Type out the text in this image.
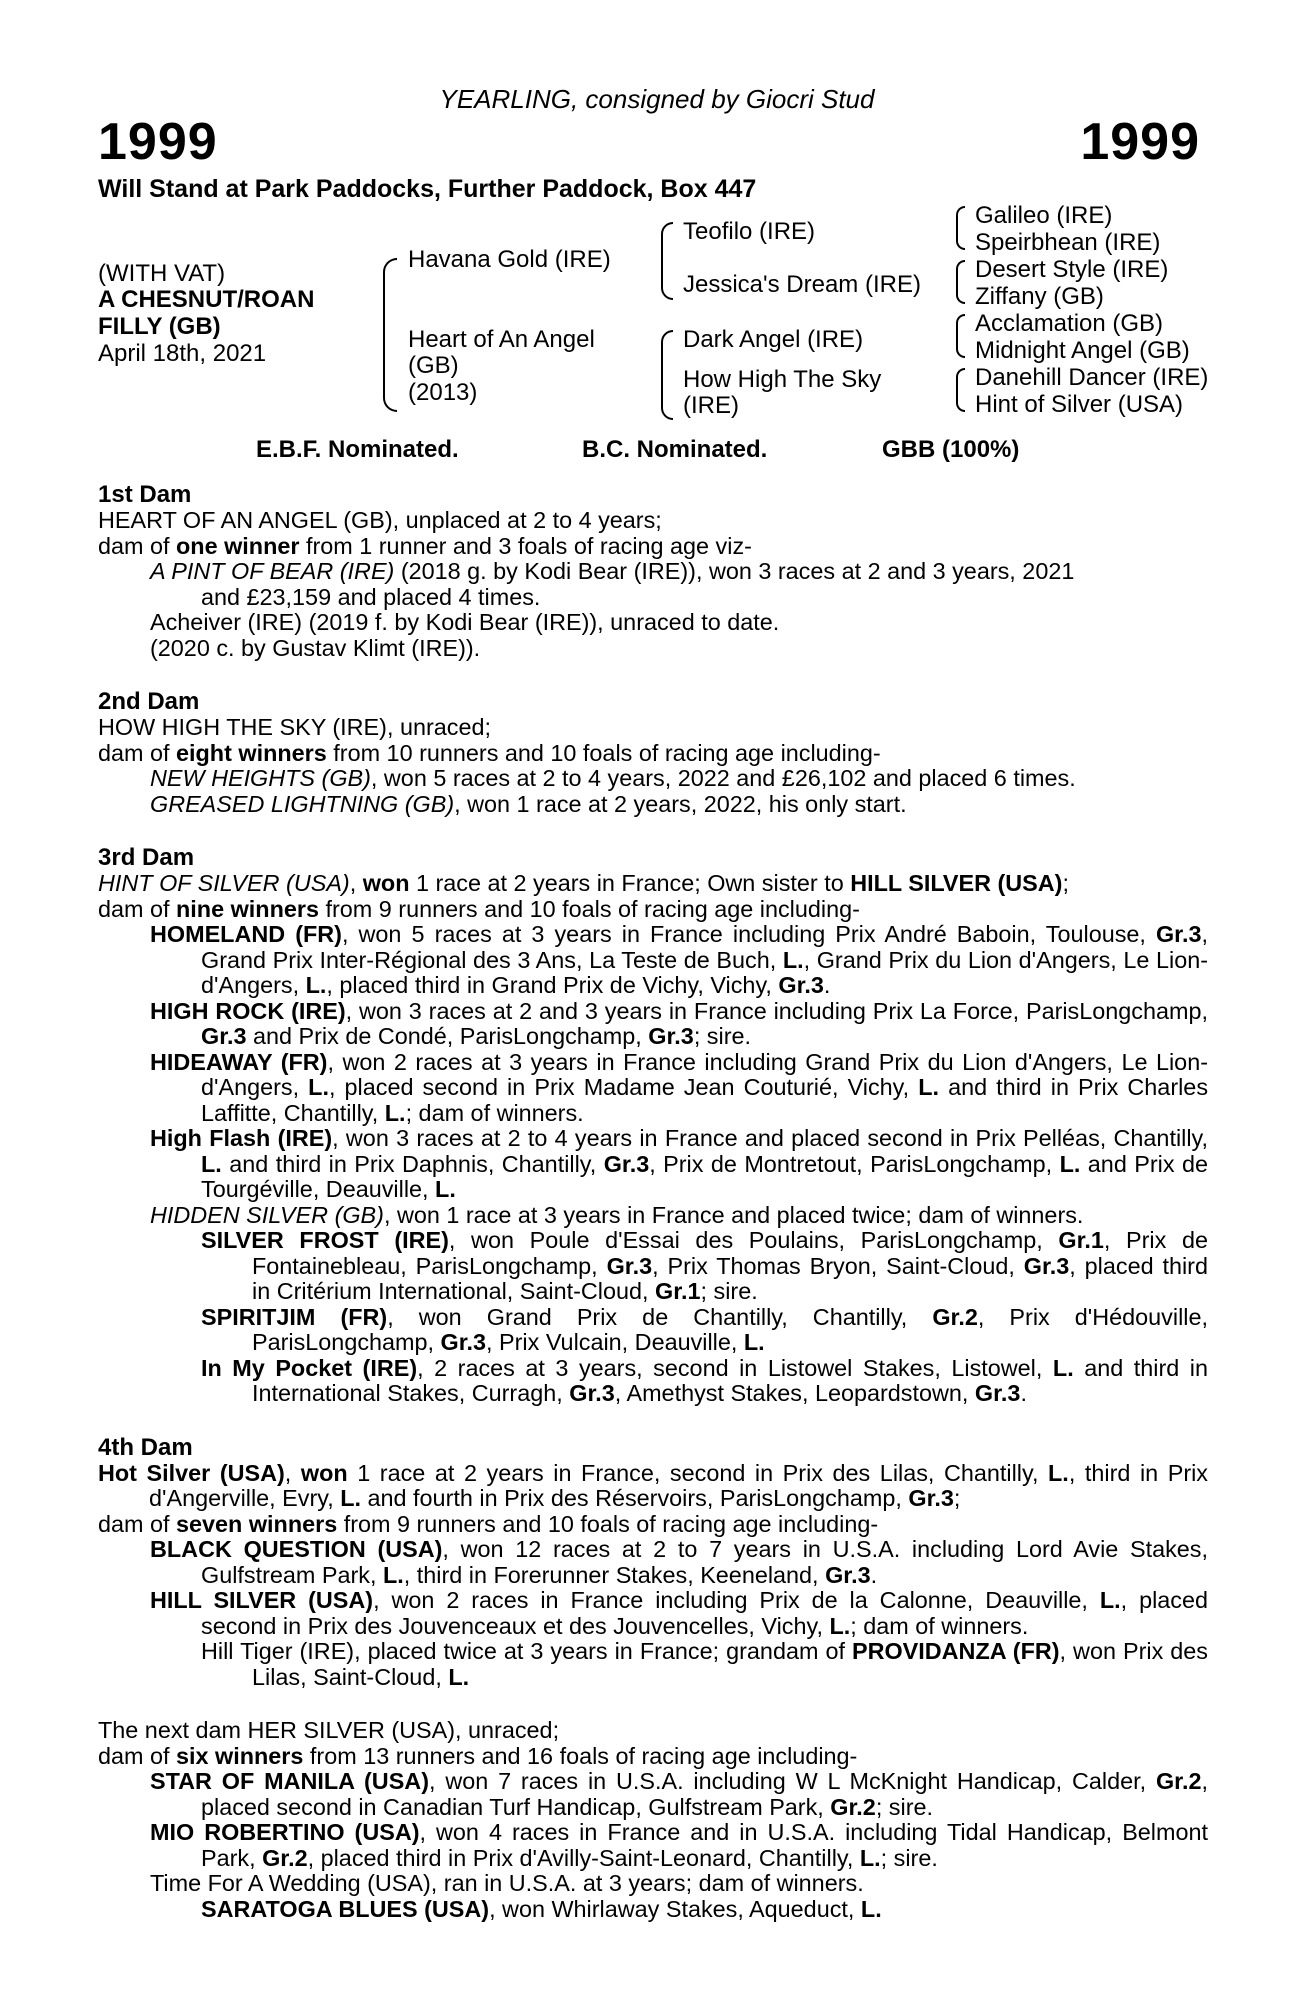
YEARLING, consigned by Giocri Stud
1999	1999
Will Stand at Park Paddocks, Further Paddock, Box 447
(WITH VAT)
A CHESNUT/ROAN
FILLY (GB)
April 18th, 2021
Havana Gold (IRE)
Heart of An Angel
(GB)
(2013)
Teofilo (IRE)
Jessica's Dream (IRE)
Dark Angel (IRE)
How High The Sky
(IRE)
Galileo (IRE)
Speirbhean (IRE)
Desert Style (IRE)
Ziffany (GB)
Acclamation (GB)
Midnight Angel (GB)
Danehill Dancer (IRE)
Hint of Silver (USA)
E.B.F. Nominated.	B.C. Nominated.	GBB (100%)
1st Dam

HEART OF AN ANGEL (GB), unplaced at 2 to 4 years;

dam of one winner from 1 runner and 3 foals of racing age viz-

A PINT OF BEAR (IRE) (2018 g. by Kodi Bear (IRE)), won 3 races at 2 and 3 years, 2021

and £23,159 and placed 4 times.

Acheiver (IRE) (2019 f. by Kodi Bear (IRE)), unraced to date.

(2020 c. by Gustav Klimt (IRE)).

2nd Dam

HOW HIGH THE SKY (IRE), unraced;

dam of eight winners from 10 runners and 10 foals of racing age including-

NEW HEIGHTS (GB), won 5 races at 2 to 4 years, 2022 and £26,102 and placed 6 times.

GREASED LIGHTNING (GB), won 1 race at 2 years, 2022, his only start.

3rd Dam

HINT OF SILVER (USA), won 1 race at 2 years in France; Own sister to HILL SILVER (USA);

dam of nine winners from 9 runners and 10 foals of racing age including-

HOMELAND (FR), won 5 races at 3 years in France including Prix André Baboin, Toulouse, Gr.3, Grand Prix Inter-Régional des 3 Ans, La Teste de Buch, L., Grand Prix du Lion d'Angers, Le Lion-d'Angers, L., placed third in Grand Prix de Vichy, Vichy, Gr.3.

HIGH ROCK (IRE), won 3 races at 2 and 3 years in France including Prix La Force, ParisLongchamp, Gr.3 and Prix de Condé, ParisLongchamp, Gr.3; sire.

HIDEAWAY (FR), won 2 races at 3 years in France including Grand Prix du Lion d'Angers, Le Lion-d'Angers, L., placed second in Prix Madame Jean Couturié, Vichy, L. and third in Prix Charles Laffitte, Chantilly, L.; dam of winners.

High Flash (IRE), won 3 races at 2 to 4 years in France and placed second in Prix Pelléas, Chantilly, L. and third in Prix Daphnis, Chantilly, Gr.3, Prix de Montretout, ParisLongchamp, L. and Prix de Tourgéville, Deauville, L.

HIDDEN SILVER (GB), won 1 race at 3 years in France and placed twice; dam of winners.

SILVER FROST (IRE), won Poule d'Essai des Poulains, ParisLongchamp, Gr.1, Prix de Fontainebleau, ParisLongchamp, Gr.3, Prix Thomas Bryon, Saint-Cloud, Gr.3, placed third in Critérium International, Saint-Cloud, Gr.1; sire.

SPIRITJIM (FR), won Grand Prix de Chantilly, Chantilly, Gr.2, Prix d'Hédouville, ParisLongchamp, Gr.3, Prix Vulcain, Deauville, L.

In My Pocket (IRE), 2 races at 3 years, second in Listowel Stakes, Listowel, L. and third in International Stakes, Curragh, Gr.3, Amethyst Stakes, Leopardstown, Gr.3.

4th Dam

Hot Silver (USA), won 1 race at 2 years in France, second in Prix des Lilas, Chantilly, L., third in Prix d'Angerville, Evry, L. and fourth in Prix des Réservoirs, ParisLongchamp, Gr.3;

dam of seven winners from 9 runners and 10 foals of racing age including-

BLACK QUESTION (USA), won 12 races at 2 to 7 years in U.S.A. including Lord Avie Stakes, Gulfstream Park, L., third in Forerunner Stakes, Keeneland, Gr.3.

HILL SILVER (USA), won 2 races in France including Prix de la Calonne, Deauville, L., placed second in Prix des Jouvenceaux et des Jouvencelles, Vichy, L.; dam of winners.

Hill Tiger (IRE), placed twice at 3 years in France; grandam of PROVIDANZA (FR), won Prix des Lilas, Saint-Cloud, L.

The next dam HER SILVER (USA), unraced;

dam of six winners from 13 runners and 16 foals of racing age including-

STAR OF MANILA (USA), won 7 races in U.S.A. including W L McKnight Handicap, Calder, Gr.2, placed second in Canadian Turf Handicap, Gulfstream Park, Gr.2; sire.

MIO ROBERTINO (USA), won 4 races in France and in U.S.A. including Tidal Handicap, Belmont Park, Gr.2, placed third in Prix d'Avilly-Saint-Leonard, Chantilly, L.; sire.

Time For A Wedding (USA), ran in U.S.A. at 3 years; dam of winners.

SARATOGA BLUES (USA), won Whirlaway Stakes, Aqueduct, L.
